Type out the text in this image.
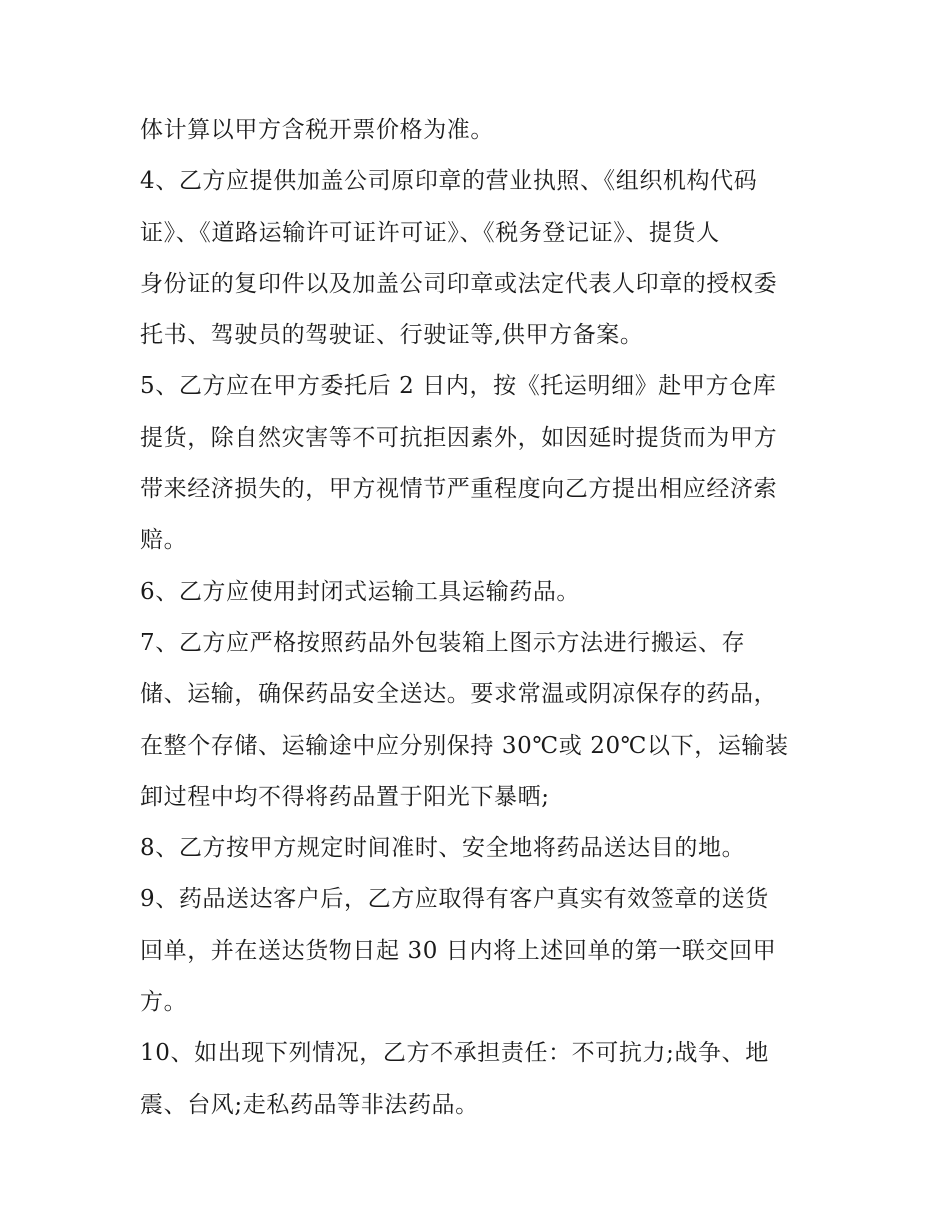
体计算以甲方含税开票价格为准。
4、乙方应提供加盖公司原印章的营业执照、《组织机构代码
证》、《道路运输许可证许可证》、《税务登记证》、提货人
身份证的复印件以及加盖公司印章或法定代表人印章的授权委
托书、驾驶员的驾驶证、行驶证等,供甲方备案。
5、乙方应在甲方委托后 2 日内，按《托运明细》赴甲方仓库
提货，除自然灾害等不可抗拒因素外，如因延时提货而为甲方
带来经济损失的，甲方视情节严重程度向乙方提出相应经济索
赔。
6、乙方应使用封闭式运输工具运输药品。
7、乙方应严格按照药品外包装箱上图示方法进行搬运、存
储、运输，确保药品安全送达。要求常温或阴凉保存的药品，
在整个存储、运输途中应分别保持 30℃或 20℃以下，运输装
卸过程中均不得将药品置于阳光下暴晒;
8、乙方按甲方规定时间准时、安全地将药品送达目的地。
9、药品送达客户后，乙方应取得有客户真实有效签章的送货
回单，并在送达货物日起 30 日内将上述回单的第一联交回甲
方。
10、如出现下列情况，乙方不承担责任：不可抗力;战争、地
震、台风;走私药品等非法药品。
